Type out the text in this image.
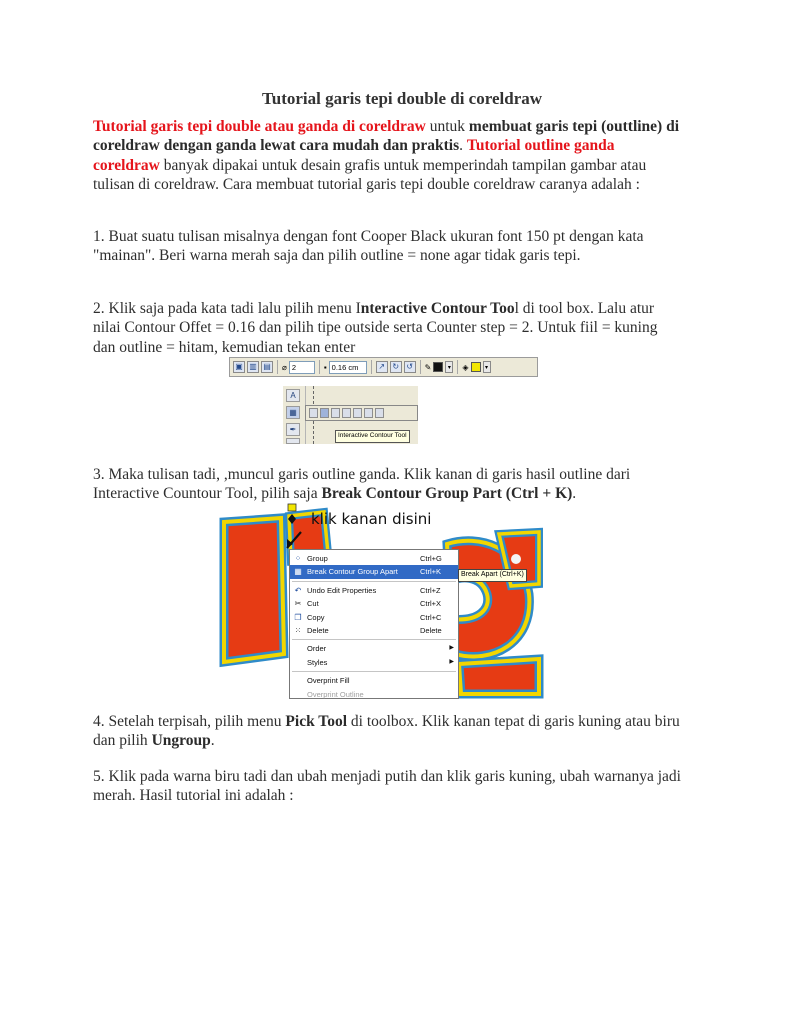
Tutorial garis tepi double di coreldraw
Tutorial garis tepi double atau ganda di coreldraw untuk membuat garis tepi (outtline) di coreldraw dengan ganda lewat cara mudah dan praktis. Tutorial outline ganda coreldraw banyak dipakai untuk desain grafis untuk memperindah tampilan gambar atau tulisan di coreldraw. Cara membuat tutorial garis tepi double coreldraw caranya adalah :
1. Buat suatu tulisan misalnya dengan font Cooper Black ukuran font 150 pt dengan kata "mainan". Beri warna merah saja dan pilih outline = none agar tidak garis tepi.
2. Klik saja pada kata tadi lalu pilih menu Interactive Contour Tool di tool box. Lalu atur nilai Contour Offet = 0.16 dan pilih tipe outside serta Counter step = 2. Untuk fiil = kuning dan outline = hitam, kemudian tekan enter
▣ ▥ ▤ ⌀ 2	▪ 0.16 cm	↗ ↻ ↺	✎	▾	◈	▾
A
▦
✒
Interactive Contour Tool
3. Maka tulisan tadi, ,muncul garis outline ganda. Klik kanan di garis hasil outline dari Interactive Countour Tool, pilih saja Break Contour Group Part (Ctrl + K).
klik kanan disini
⁘ Group	Ctrl+G
▦ Break Contour Group Apart	Ctrl+K
↶ Undo Edit Properties	Ctrl+Z
✂ Cut	Ctrl+X
❐ Copy	Ctrl+C
⁙ Delete	Delete
Order	▶
Styles	▶
Overprint Fill
Overprint Outline
Break Apart (Ctrl+K)
4. Setelah terpisah, pilih menu Pick Tool di toolbox. Klik kanan tepat di garis kuning atau biru dan pilih Ungroup.
5. Klik pada warna biru tadi dan ubah menjadi putih dan klik garis kuning, ubah warnanya jadi merah. Hasil tutorial ini adalah :
